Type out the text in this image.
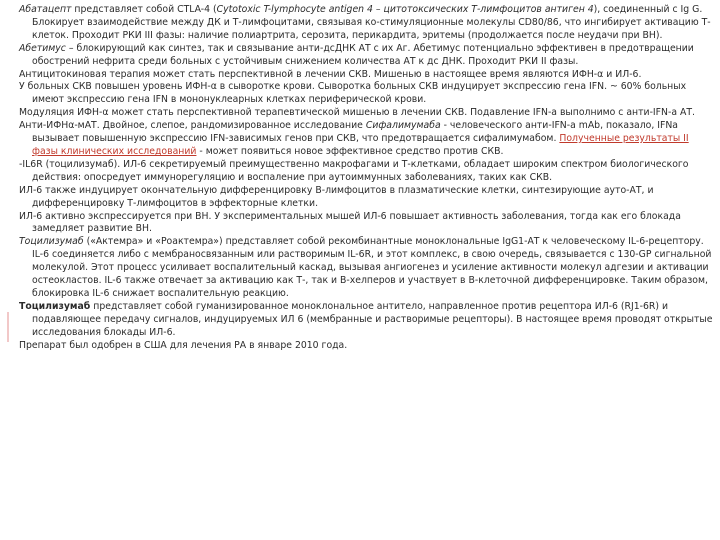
Абатацепт представляет собой CTLA-4 (Cytotoxic T-lymphocyte antigen 4 – цитотоксических Т-лимфоцитов антиген 4), соединенный с Ig G. Блокирует взаимодействие между ДК и Т-лимфоцитами, связывая ко-стимуляционные молекулы CD80/86, что ингибирует активацию Т-клеток. Проходит РКИ III фазы: наличие полиартрита, серозита, перикардита, эритемы (продолжается после неудачи при ВН).

Абетимус – блокирующий как синтез, так и связывание анти-дсДНК АТ с их Аг. Абетимус потенциально эффективен в предотвращении обострений нефрита среди больных с устойчивым снижением количества АТ к дс ДНК. Проходит РКИ II фазы.

Антицитокиновая терапия может стать перспективной в лечении СКВ. Мишенью в настоящее время являются ИФН-α и ИЛ-6.

У больных СКВ повышен уровень ИФН-α в сыворотке крови. Сыворотка больных СКВ индуцирует экспрессию гена IFN. ~ 60% больных имеют экспрессию гена IFN в мононуклеарных клетках периферической крови.

Модуляция ИФН-α может стать перспективной терапевтической мишенью в лечении СКВ. Подавление IFN-a выполнимо с анти-IFN-a АТ.

Анти-ИФНα-мАТ. Двойное, слепое, рандомизированное исследование Сифалимумаба - человеческого анти-IFN-a mAb, показало, IFNa вызывает повышенную экспрессию IFN-зависимых генов при СКВ, что предотвращается сифалимумабом. Полученные результаты II фазы клинических исследований - может появиться новое эффективное средство против СКВ.

-IL6R (тоцилизумаб). ИЛ-6 секретируемый преимущественно макрофагами и Т-клетками, обладает широким спектром биологического действия: опосредует иммунорегуляцию и воспаление при аутоиммунных заболеваниях, таких как СКВ.

ИЛ-6 также индуцирует окончательную дифференцировку В-лимфоцитов в плазматические клетки, синтезирующие ауто-АТ, и дифференцировку Т-лимфоцитов в эффекторные клетки.

ИЛ-6 активно экспрессируется при ВН. У экспериментальных мышей ИЛ-6 повышает активность заболевания, тогда как его блокада замедляет развитие ВН.

Тоцилизумаб («Актемра» и «Роактемра») представляет собой рекомбинантные моноклональные IgG1-АТ к человеческому IL-6-рецептору. IL-6 соединяется либо с мембраносвязанным или растворимым IL-6R, и этот комплекс, в свою очередь, связывается с 130-GP сигнальной молекулой. Этот процесс усиливает воспалительный каскад, вызывая ангиогенез и усиление активности молекул адгезии и активации остеокластов. IL-6 также отвечает за активацию как Т-, так и В-хелперов и участвует в В-клеточной дифференцировке. Таким образом, блокировка IL-6 снижает воспалительную реакцию.

Тоцилизумаб представляет собой гуманизированное моноклональное антитело, направленное против рецептора ИЛ-6 (RJ1-6R) и подавляющее передачу сигналов, индуцируемых ИЛ 6 (мембранные и растворимые рецепторы). В настоящее время проводят открытые исследования блокады ИЛ-6.

Препарат был одобрен в США для лечения РА в январе 2010 года.
